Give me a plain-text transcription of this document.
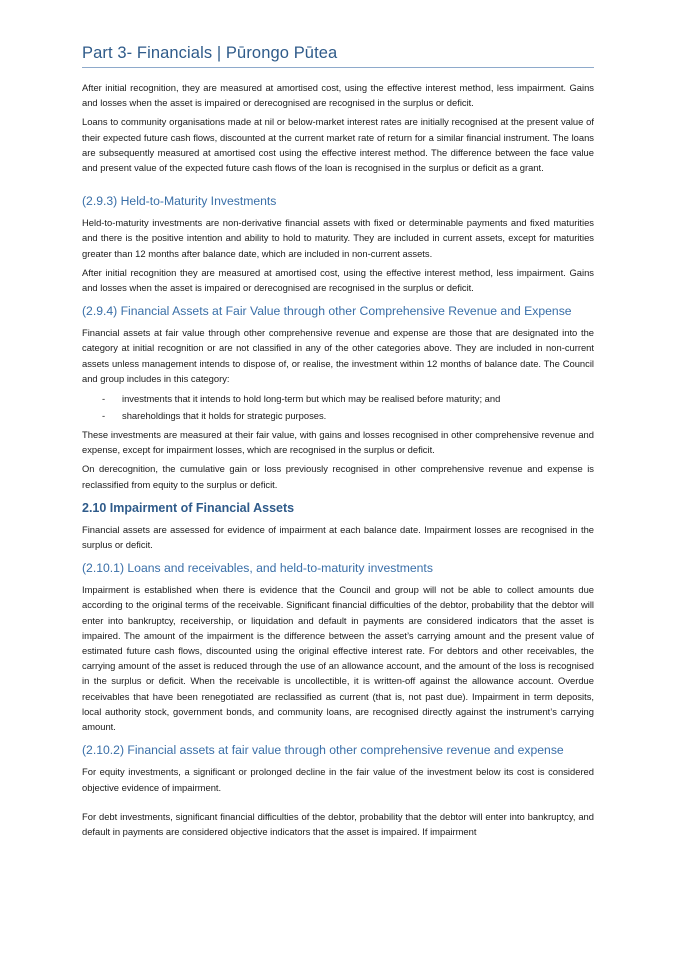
Part 3- Financials | Pūrongo Pūtea

After initial recognition, they are measured at amortised cost, using the effective interest method, less impairment. Gains and losses when the asset is impaired or derecognised are recognised in the surplus or deficit.

Loans to community organisations made at nil or below-market interest rates are initially recognised at the present value of their expected future cash flows, discounted at the current market rate of return for a similar financial instrument. The loans are subsequently measured at amortised cost using the effective interest method. The difference between the face value and present value of the expected future cash flows of the loan is recognised in the surplus or deficit as a grant.

(2.9.3) Held-to-Maturity Investments

Held-to-maturity investments are non-derivative financial assets with fixed or determinable payments and fixed maturities and there is the positive intention and ability to hold to maturity. They are included in current assets, except for maturities greater than 12 months after balance date, which are included in non-current assets.

After initial recognition they are measured at amortised cost, using the effective interest method, less impairment. Gains and losses when the asset is impaired or derecognised are recognised in the surplus or deficit.

(2.9.4) Financial Assets at Fair Value through other Comprehensive Revenue and Expense

Financial assets at fair value through other comprehensive revenue and expense are those that are designated into the category at initial recognition or are not classified in any of the other categories above. They are included in non-current assets unless management intends to dispose of, or realise, the investment within 12 months of balance date. The Council and group includes in this category:

- investments that it intends to hold long-term but which may be realised before maturity; and
- shareholdings that it holds for strategic purposes.

These investments are measured at their fair value, with gains and losses recognised in other comprehensive revenue and expense, except for impairment losses, which are recognised in the surplus or deficit.

On derecognition, the cumulative gain or loss previously recognised in other comprehensive revenue and expense is reclassified from equity to the surplus or deficit.

2.10 Impairment of Financial Assets

Financial assets are assessed for evidence of impairment at each balance date. Impairment losses are recognised in the surplus or deficit.

(2.10.1) Loans and receivables, and held-to-maturity investments

Impairment is established when there is evidence that the Council and group will not be able to collect amounts due according to the original terms of the receivable. Significant financial difficulties of the debtor, probability that the debtor will enter into bankruptcy, receivership, or liquidation and default in payments are considered indicators that the asset is impaired. The amount of the impairment is the difference between the asset’s carrying amount and the present value of estimated future cash flows, discounted using the original effective interest rate. For debtors and other receivables, the carrying amount of the asset is reduced through the use of an allowance account, and the amount of the loss is recognised in the surplus or deficit. When the receivable is uncollectible, it is written-off against the allowance account. Overdue receivables that have been renegotiated are reclassified as current (that is, not past due). Impairment in term deposits, local authority stock, government bonds, and community loans, are recognised directly against the instrument’s carrying amount.

(2.10.2) Financial assets at fair value through other comprehensive revenue and expense

For equity investments, a significant or prolonged decline in the fair value of the investment below its cost is considered objective evidence of impairment.

For debt investments, significant financial difficulties of the debtor, probability that the debtor will enter into bankruptcy, and default in payments are considered objective indicators that the asset is impaired. If impairment
